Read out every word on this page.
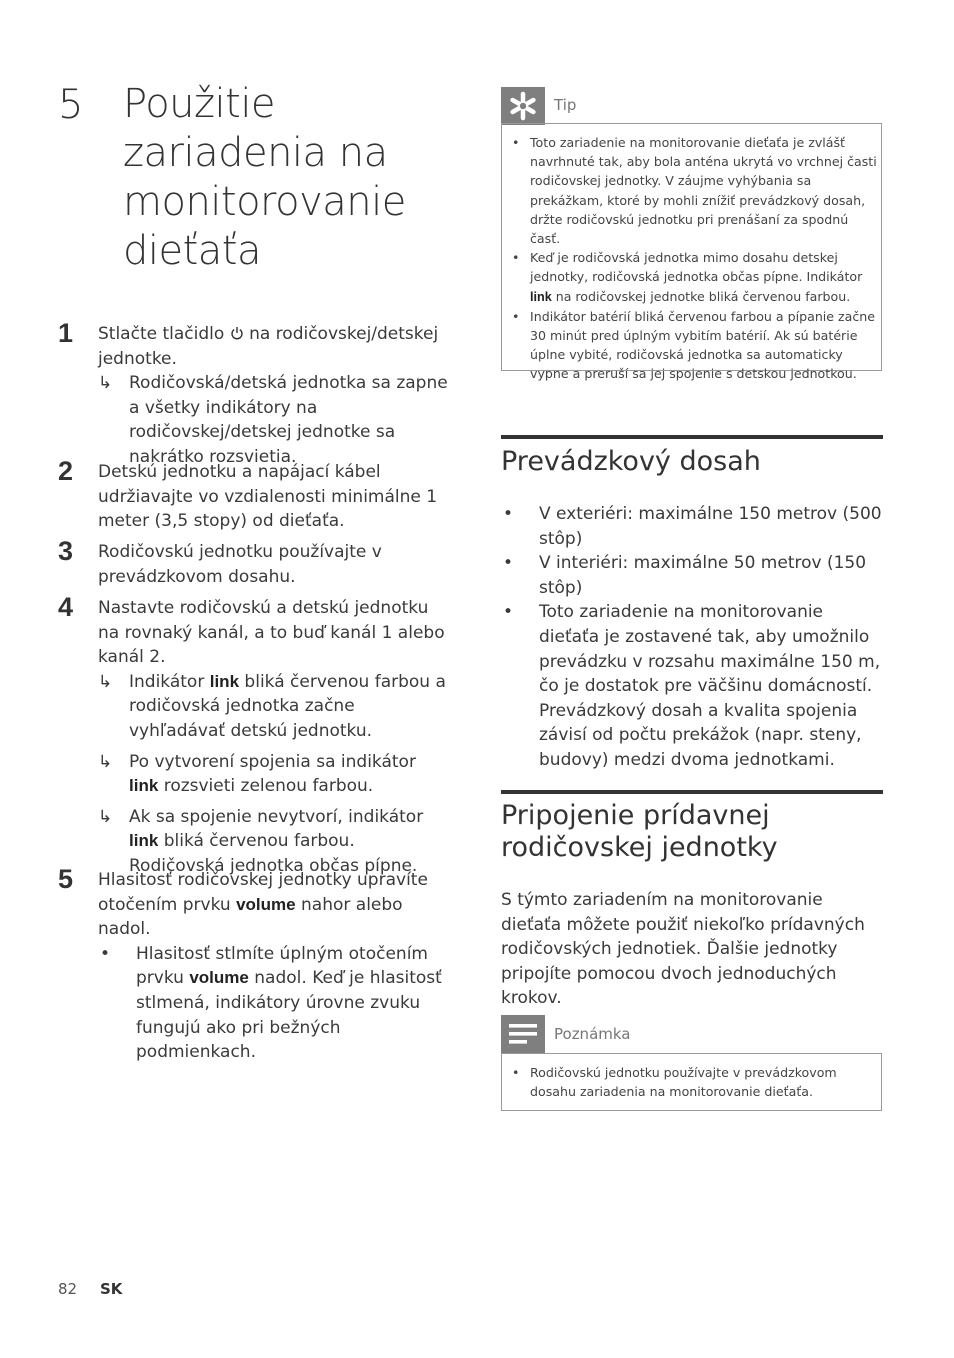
5 Použitie zariadenia na monitorovanie dieťaťa
1 Stlačte tlačidlo  na rodičovskej/detskej jednotke.
↳ Rodičovská/detská jednotka sa zapne a všetky indikátory na rodičovskej/detskej jednotke sa nakrátko rozsvietia.
2 Detskú jednotku a napájací kábel udržiavajte vo vzdialenosti minimálne 1 meter (3,5 stopy) od dieťaťa.
3 Rodičovskú jednotku používajte v prevádzkovom dosahu.
4 Nastavte rodičovskú a detskú jednotku na rovnaký kanál, a to buď kanál 1 alebo kanál 2.
↳ Indikátor link bliká červenou farbou a rodičovská jednotka začne vyhľadávať detskú jednotku.
↳ Po vytvorení spojenia sa indikátor link rozsvieti zelenou farbou.
↳ Ak sa spojenie nevytvorí, indikátor link bliká červenou farbou. Rodičovská jednotka občas pípne.
5 Hlasitosť rodičovskej jednotky upravíte otočením prvku volume nahor alebo nadol.
• Hlasitosť stlmíte úplným otočením prvku volume nadol. Keď je hlasitosť stlmená, indikátory úrovne zvuku fungujú ako pri bežných podmienkach.
Tip
• Toto zariadenie na monitorovanie dieťaťa je zvlášť navrhnuté tak, aby bola anténa ukrytá vo vrchnej časti rodičovskej jednotky. V záujme vyhýbania sa prekážkam, ktoré by mohli znížiť prevádzkový dosah, držte rodičovskú jednotku pri prenášaní za spodnú časť.
• Keď je rodičovská jednotka mimo dosahu detskej jednotky, rodičovská jednotka občas pípne. Indikátor link na rodičovskej jednotke bliká červenou farbou.
• Indikátor batérií bliká červenou farbou a pípanie začne 30 minút pred úplným vybitím batérií. Ak sú batérie úplne vybité, rodičovská jednotka sa automaticky vypne a preruší sa jej spojenie s detskou jednotkou.
Prevádzkový dosah
• V exteriéri: maximálne 150 metrov (500 stôp)
• V interiéri: maximálne 50 metrov (150 stôp)
• Toto zariadenie na monitorovanie dieťaťa je zostavené tak, aby umožnilo prevádzku v rozsahu maximálne 150 m, čo je dostatok pre väčšinu domácností. Prevádzkový dosah a kvalita spojenia závisí od počtu prekážok (napr. steny, budovy) medzi dvoma jednotkami.
Pripojenie prídavnej rodičovskej jednotky
S týmto zariadením na monitorovanie dieťaťa môžete použiť niekoľko prídavných rodičovských jednotiek. Ďalšie jednotky pripojíte pomocou dvoch jednoduchých krokov.
Poznámka
• Rodičovskú jednotku používajte v prevádzkovom dosahu zariadenia na monitorovanie dieťaťa.
82 SK
